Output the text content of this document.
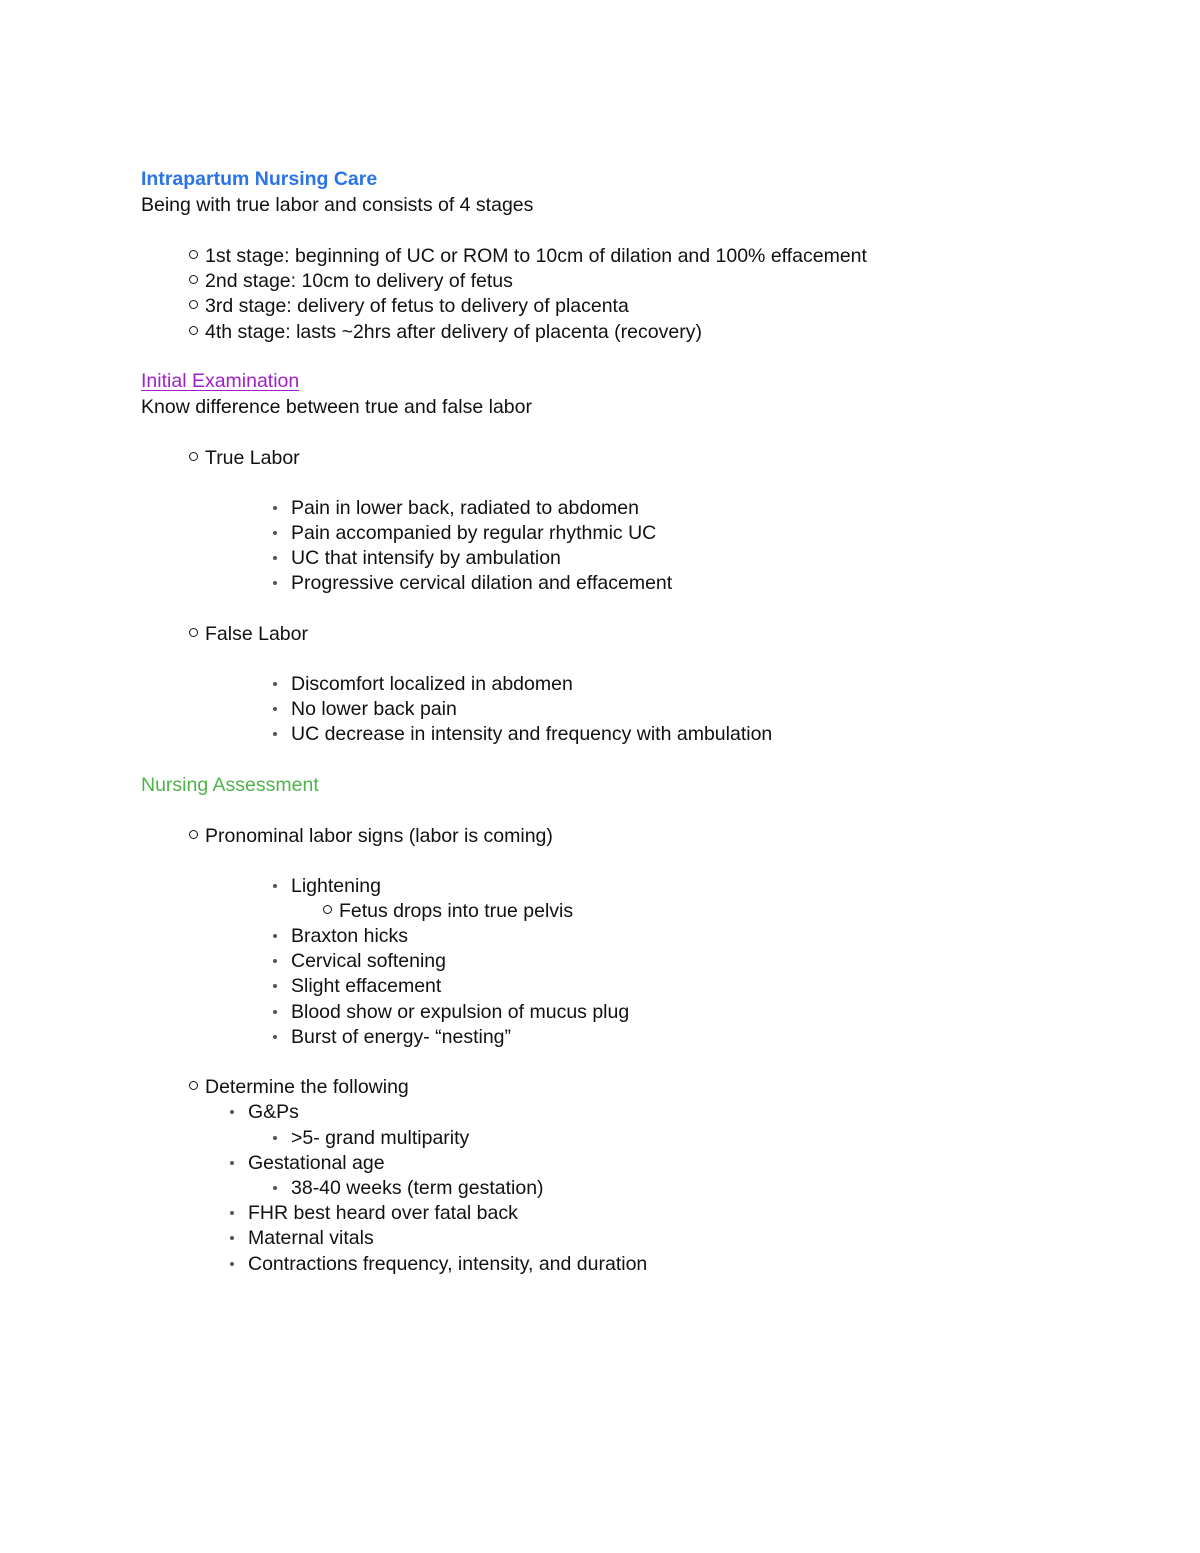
Intrapartum Nursing Care
Being with true labor and consists of 4 stages
1st stage: beginning of UC or ROM to 10cm of dilation and 100% effacement
2nd stage: 10cm to delivery of fetus
3rd stage: delivery of fetus to delivery of placenta
4th stage: lasts ~2hrs after delivery of placenta (recovery)
Initial Examination
Know difference between true and false labor
True Labor
Pain in lower back, radiated to abdomen
Pain accompanied by regular rhythmic UC
UC that intensify by ambulation
Progressive cervical dilation and effacement
False Labor
Discomfort localized in abdomen
No lower back pain
UC decrease in intensity and frequency with ambulation
Nursing Assessment
Pronominal labor signs (labor is coming)
Lightening
Fetus drops into true pelvis
Braxton hicks
Cervical softening
Slight effacement
Blood show or expulsion of mucus plug
Burst of energy- “nesting”
Determine the following
G&Ps
>5- grand multiparity
Gestational age
38-40 weeks (term gestation)
FHR best heard over fatal back
Maternal vitals
Contractions frequency, intensity, and duration
